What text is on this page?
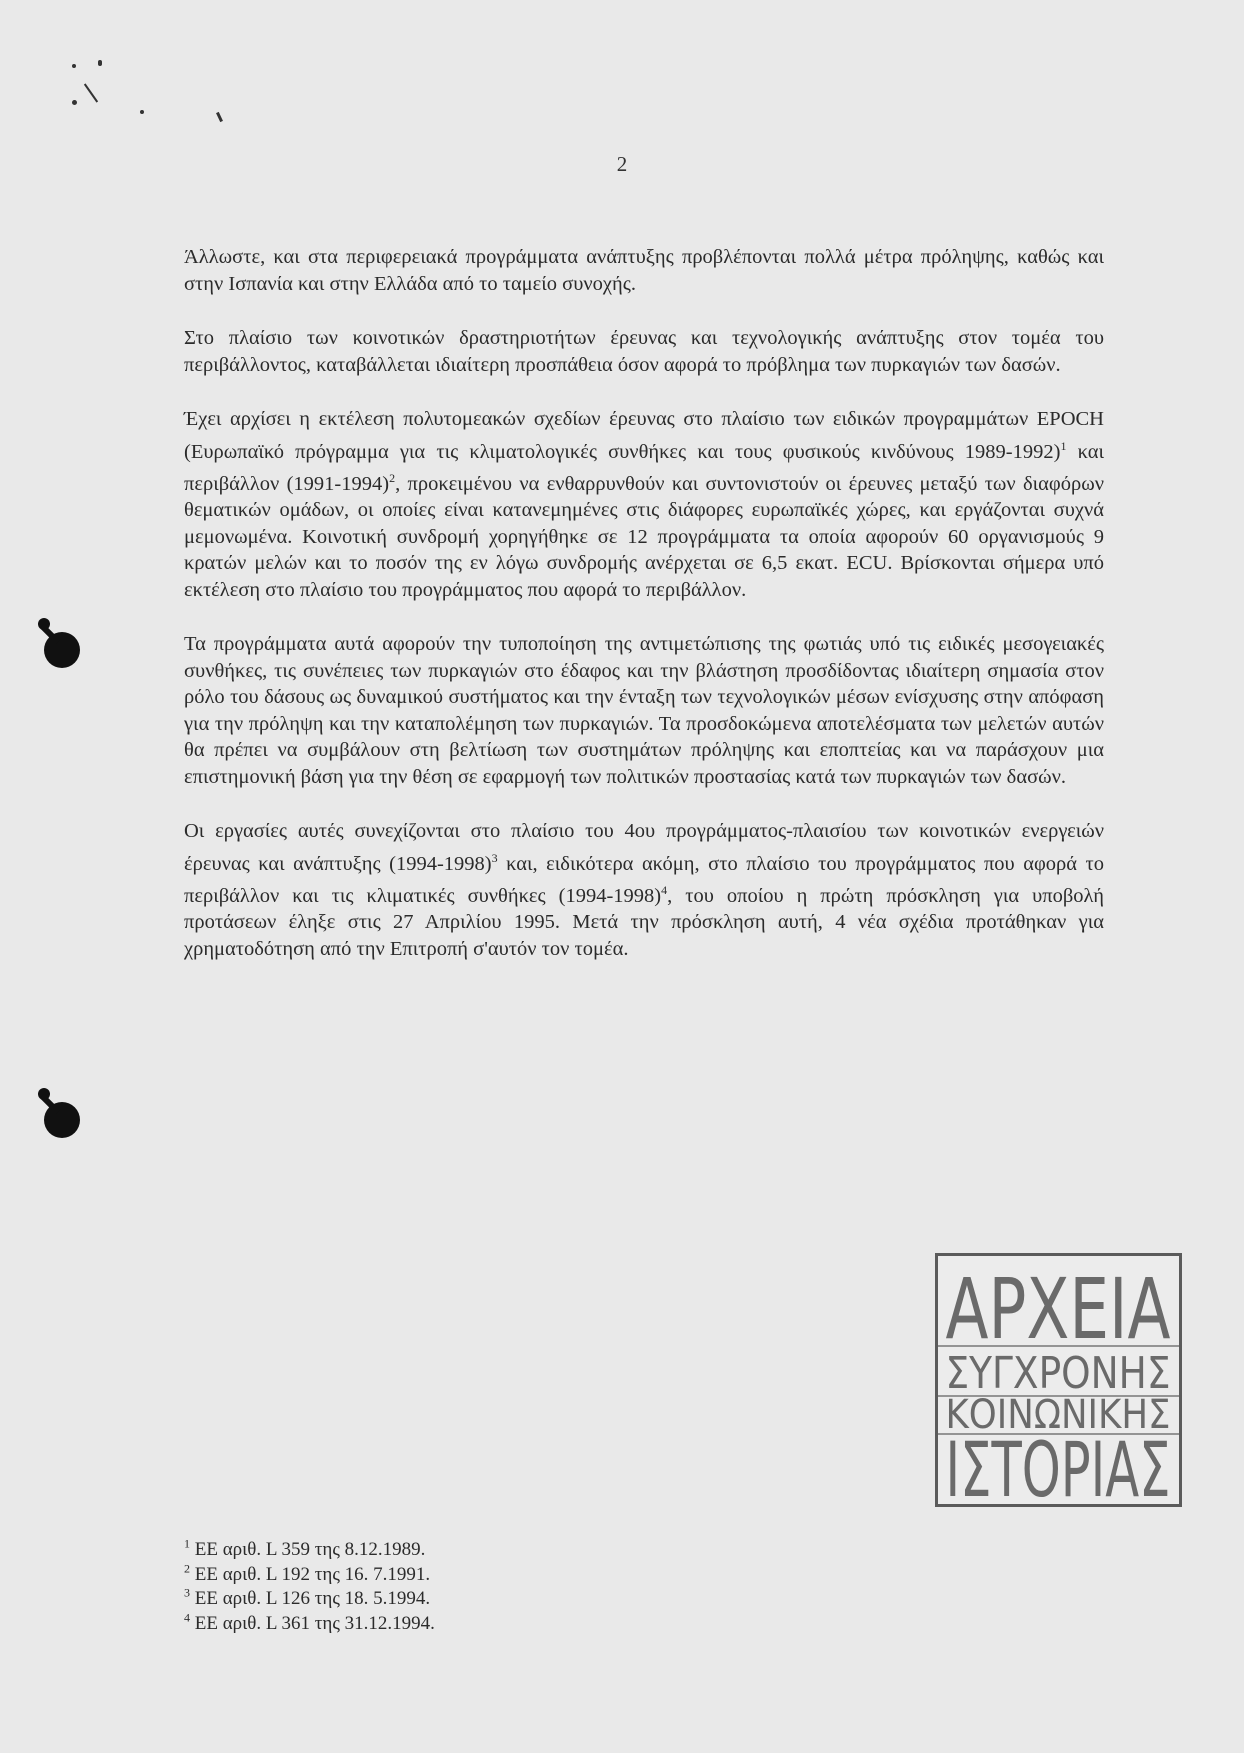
2

Άλλωστε, και στα περιφερειακά προγράμματα ανάπτυξης προβλέπονται πολλά μέτρα πρόληψης, καθώς και στην Ισπανία και στην Ελλάδα από το ταμείο συνοχής.

Στο πλαίσιο των κοινοτικών δραστηριοτήτων έρευνας και τεχνολογικής ανάπτυξης στον τομέα του περιβάλλοντος, καταβάλλεται ιδιαίτερη προσπάθεια όσον αφορά το πρόβλημα των πυρκαγιών των δασών.

Έχει αρχίσει η εκτέλεση πολυτομεακών σχεδίων έρευνας στο πλαίσιο των ειδικών προγραμμάτων EPOCH (Ευρωπαϊκό πρόγραμμα για τις κλιματολογικές συνθήκες και τους φυσικούς κινδύνους 1989-1992)$^1$ και περιβάλλον (1991-1994)$^2$, προκειμένου να ενθαρρυνθούν και συντονιστούν οι έρευνες μεταξύ των διαφόρων θεματικών ομάδων, οι οποίες είναι κατανεμημένες στις διάφορες ευρωπαϊκές χώρες, και εργάζονται συχνά μεμονωμένα. Κοινοτική συνδρομή χορηγήθηκε σε 12 προγράμματα τα οποία αφορούν 60 οργανισμούς 9 κρατών μελών και το ποσόν της εν λόγω συνδρομής ανέρχεται σε 6,5 εκατ. ECU. Βρίσκονται σήμερα υπό εκτέλεση στο πλαίσιο του προγράμματος που αφορά το περιβάλλον.

Τα προγράμματα αυτά αφορούν την τυποποίηση της αντιμετώπισης της φωτιάς υπό τις ειδικές μεσογειακές συνθήκες, τις συνέπειες των πυρκαγιών στο έδαφος και την βλάστηση προσδίδοντας ιδιαίτερη σημασία στον ρόλο του δάσους ως δυναμικού συστήματος και την ένταξη των τεχνολογικών μέσων ενίσχυσης στην απόφαση για την πρόληψη και την καταπολέμηση των πυρκαγιών. Τα προσδοκώμενα αποτελέσματα των μελετών αυτών θα πρέπει να συμβάλουν στη βελτίωση των συστημάτων πρόληψης και εποπτείας και να παράσχουν μια επιστημονική βάση για την θέση σε εφαρμογή των πολιτικών προστασίας κατά των πυρκαγιών των δασών.

Οι εργασίες αυτές συνεχίζονται στο πλαίσιο του 4ου προγράμματος-πλαισίου των κοινοτικών ενεργειών έρευνας και ανάπτυξης (1994-1998)$^3$ και, ειδικότερα ακόμη, στο πλαίσιο του προγράμματος που αφορά το περιβάλλον και τις κλιματικές συνθήκες (1994-1998)$^4$, του οποίου η πρώτη πρόσκληση για υποβολή προτάσεων έληξε στις 27 Απριλίου 1995. Μετά την πρόσκληση αυτή, 4 νέα σχέδια προτάθηκαν για χρηματοδότηση από την Επιτροπή σ'αυτόν τον τομέα.

$^1$ ΕΕ αριθ. L 359 της 8.12.1989.
$^2$ ΕΕ αριθ. L 192 της 16. 7.1991.
$^3$ ΕΕ αριθ. L 126 της 18. 5.1994.
$^4$ ΕΕ αριθ. L 361 της 31.12.1994.
ΑΡΧΕΙΑ
ΣΥΓΧΡΟΝΗΣ
ΚΟΙΝΩΝΙΚΗΣ
ΙΣΤΟΡΙΑΣ
